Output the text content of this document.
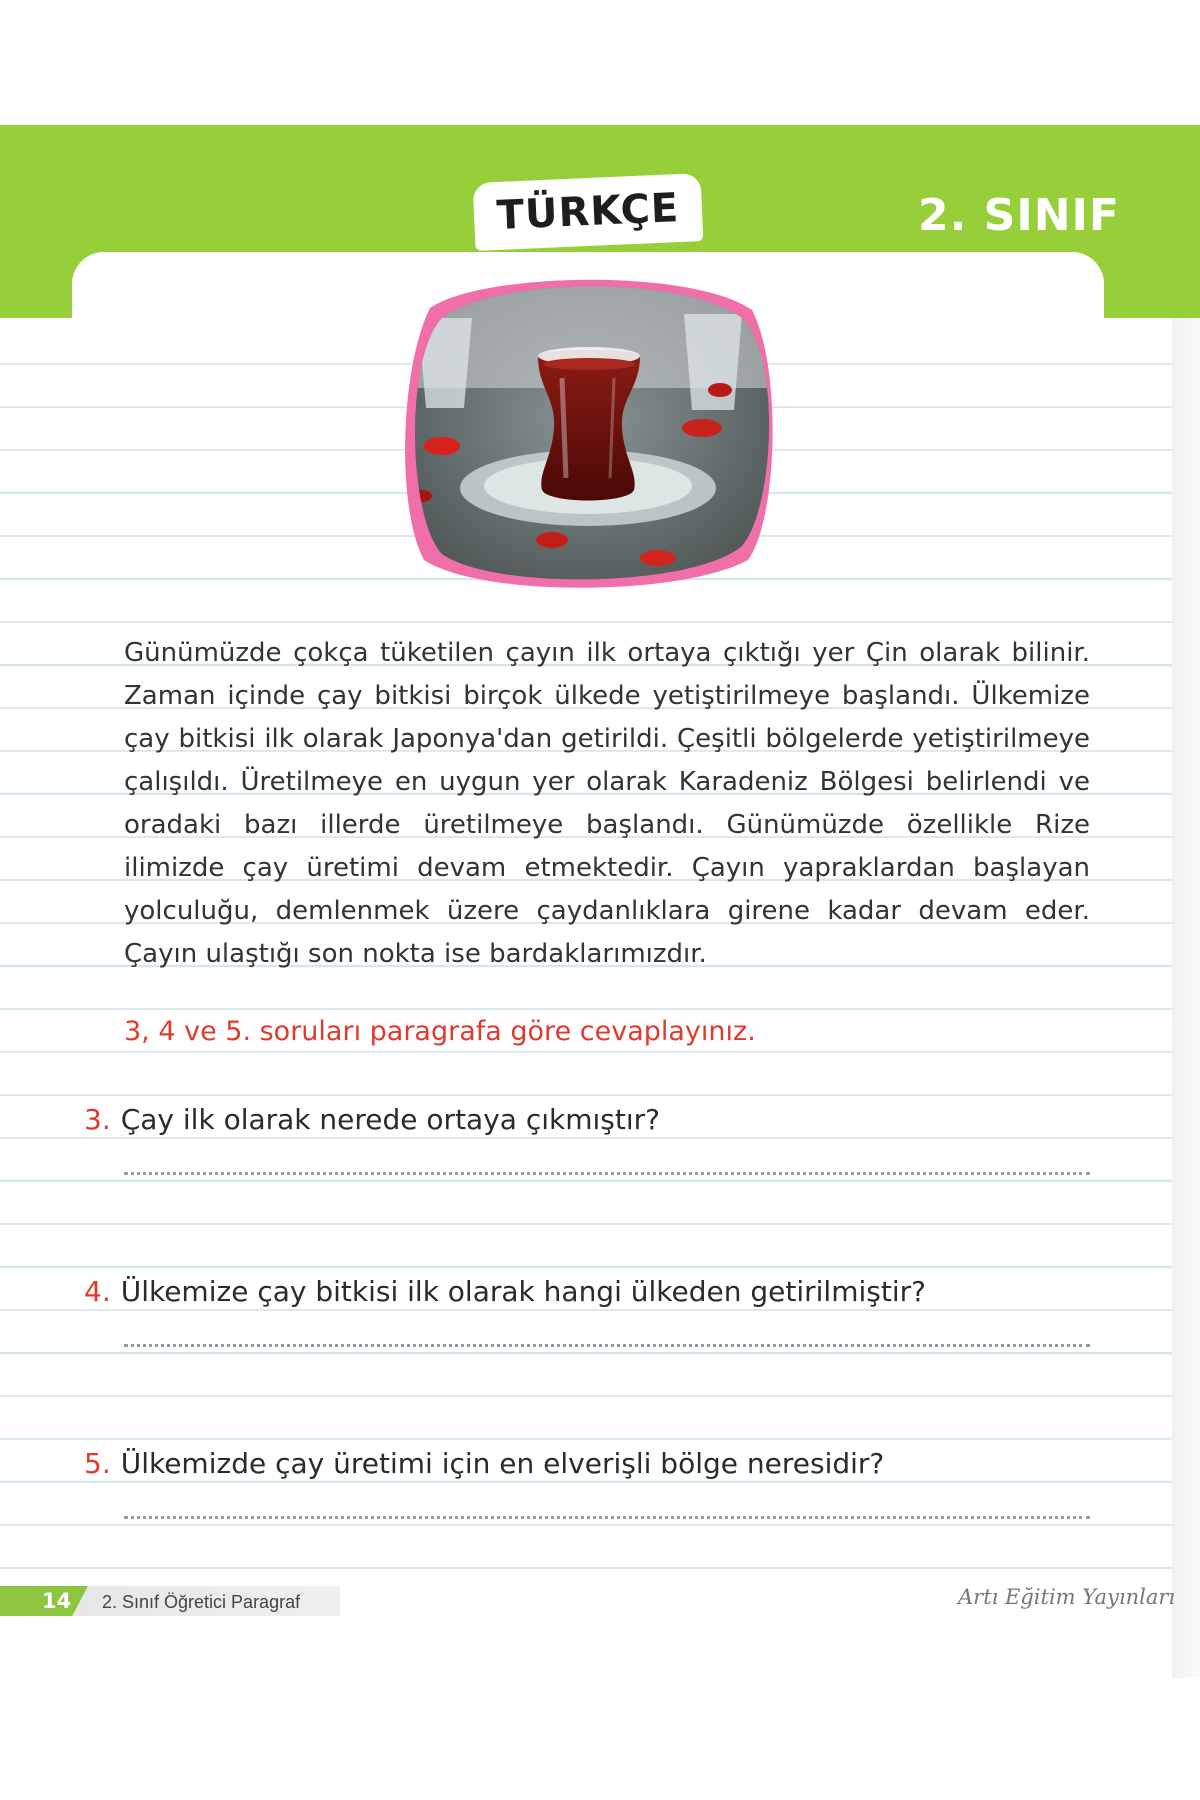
TÜRKÇE	2. SINIF

Günümüzde çokça tüketilen çayın ilk ortaya çıktığı yer Çin olarak bilinir. Zaman içinde çay bitkisi birçok ülkede yetiştirilmeye başlandı. Ülkemize çay bitkisi ilk olarak Japonya'dan getirildi. Çeşitli bölgelerde yetiştirilmeye çalışıldı. Üretilmeye en uygun yer olarak Karadeniz Bölgesi belirlendi ve oradaki bazı illerde üretilmeye başlandı. Günümüzde özellikle Rize ilimizde çay üretimi devam etmektedir. Çayın yapraklardan başlayan yolculuğu, demlenmek üzere çaydanlıklara girene kadar devam eder. Çayın ulaştığı son nokta ise bardaklarımızdır.

3, 4 ve 5. soruları paragrafa göre cevaplayınız.

3. Çay ilk olarak nerede ortaya çıkmıştır?

4. Ülkemize çay bitkisi ilk olarak hangi ülkeden getirilmiştir?

5. Ülkemizde çay üretimi için en elverişli bölge neresidir?

14 2. Sınıf Öğretici Paragraf	Artı Eğitim Yayınları
